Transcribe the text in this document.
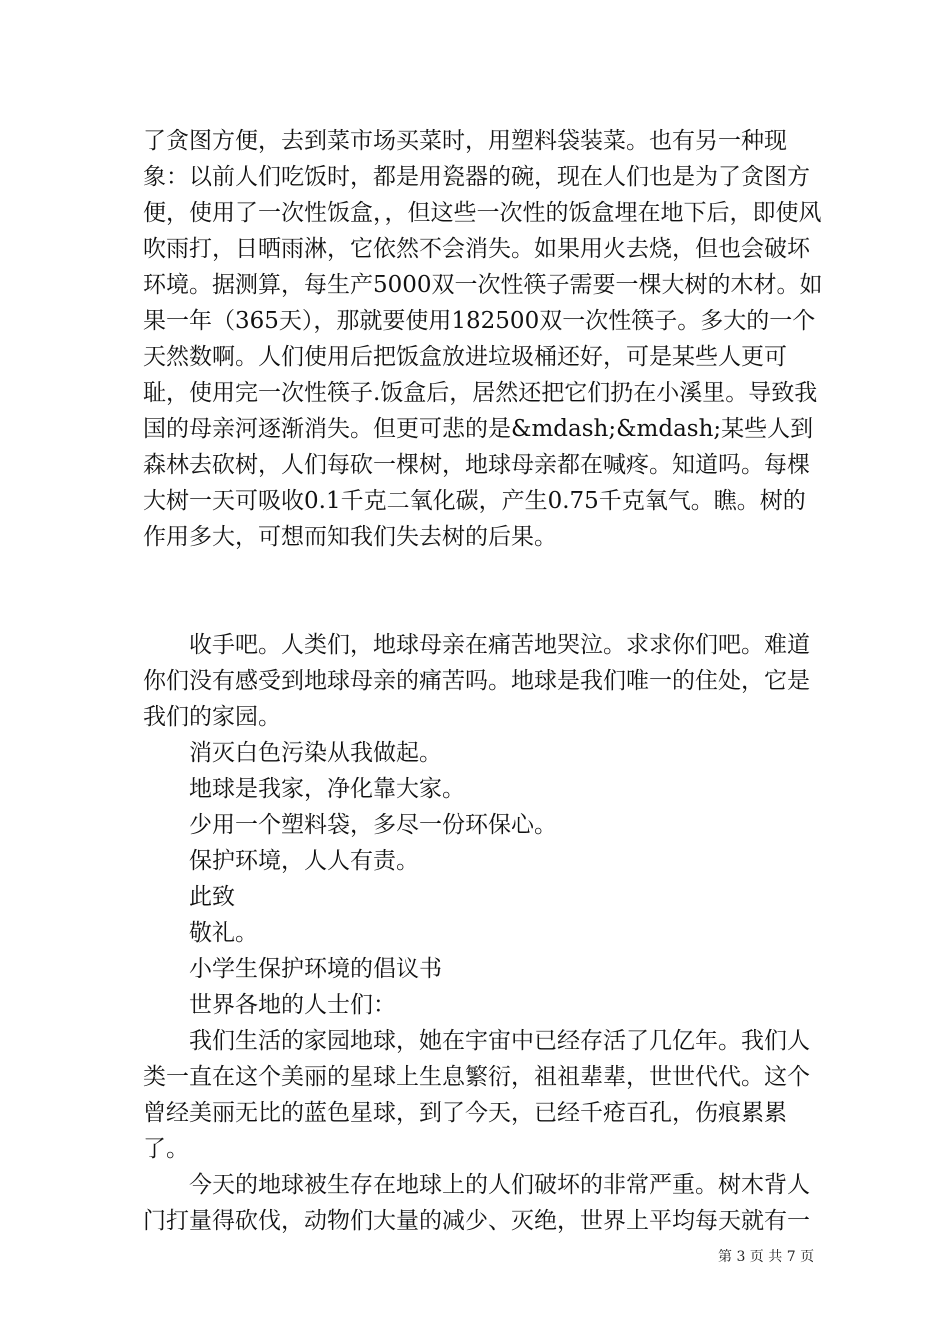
了贪图方便，去到菜市场买菜时，用塑料袋装菜。也有另一种现象：以前人们吃饭时，都是用瓷器的碗，现在人们也是为了贪图方便，使用了一次性饭盒，，但这些一次性的饭盒埋在地下后，即使风吹雨打，日晒雨淋，它依然不会消失。如果用火去烧，但也会破坏环境。据测算，每生产5000双一次性筷子需要一棵大树的木材。如果一年（365天），那就要使用182500双一次性筷子。多大的一个天然数啊。人们使用后把饭盒放进垃圾桶还好，可是某些人更可耻，使用完一次性筷子.饭盒后，居然还把它们扔在小溪里。导致我国的母亲河逐渐消失。但更可悲的是&mdash;&mdash;某些人到森林去砍树，人们每砍一棵树，地球母亲都在喊疼。知道吗。每棵大树一天可吸收0.1千克二氧化碳，产生0.75千克氧气。瞧。树的作用多大，可想而知我们失去树的后果。

收手吧。人类们，地球母亲在痛苦地哭泣。求求你们吧。难道你们没有感受到地球母亲的痛苦吗。地球是我们唯一的住处，它是我们的家园。

消灭白色污染从我做起。

地球是我家，净化靠大家。

少用一个塑料袋，多尽一份环保心。

保护环境，人人有责。

此致

敬礼。

小学生保护环境的倡议书

世界各地的人士们：

我们生活的家园地球，她在宇宙中已经存活了几亿年。我们人类一直在这个美丽的星球上生息繁衍，祖祖辈辈，世世代代。这个曾经美丽无比的蓝色星球，到了今天，已经千疮百孔，伤痕累累了。

今天的地球被生存在地球上的人们破坏的非常严重。树木背人门打量得砍伐，动物们大量的减少、灭绝，世界上平均每天就有一

第 3 页 共 7 页
